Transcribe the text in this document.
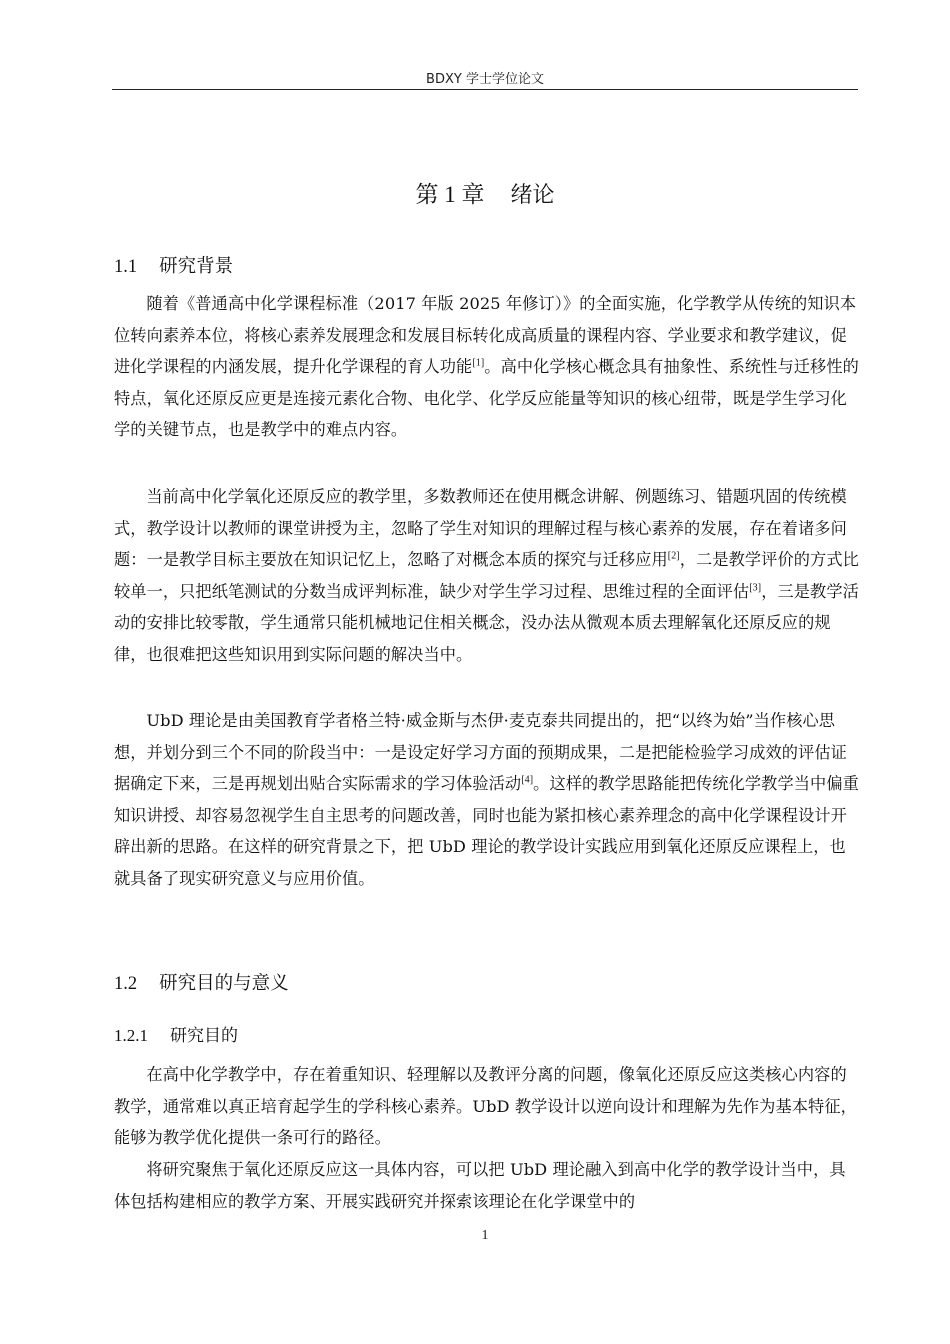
BDXY 学士学位论文
第 1 章 绪论
1.1 研究背景

随着《普通高中化学课程标准（2017 年版 2025 年修订）》的全面实施，化学教学从传统的知识本位转向素养本位，将核心素养发展理念和发展目标转化成高质量的课程内容、学业要求和教学建议，促进化学课程的内涵发展，提升化学课程的育人功能[1]。高中化学核心概念具有抽象性、系统性与迁移性的特点，氧化还原反应更是连接元素化合物、电化学、化学反应能量等知识的核心纽带，既是学生学习化学的关键节点，也是教学中的难点内容。

当前高中化学氧化还原反应的教学里，多数教师还在使用概念讲解、例题练习、错题巩固的传统模式，教学设计以教师的课堂讲授为主，忽略了学生对知识的理解过程与核心素养的发展，存在着诸多问题：一是教学目标主要放在知识记忆上，忽略了对概念本质的探究与迁移应用[2]，二是教学评价的方式比较单一，只把纸笔测试的分数当成评判标准，缺少对学生学习过程、思维过程的全面评估[3]，三是教学活动的安排比较零散，学生通常只能机械地记住相关概念，没办法从微观本质去理解氧化还原反应的规律，也很难把这些知识用到实际问题的解决当中。

UbD 理论是由美国教育学者格兰特·威金斯与杰伊·麦克泰共同提出的，把“以终为始”当作核心思想，并划分到三个不同的阶段当中：一是设定好学习方面的预期成果，二是把能检验学习成效的评估证据确定下来，三是再规划出贴合实际需求的学习体验活动[4]。这样的教学思路能把传统化学教学当中偏重知识讲授、却容易忽视学生自主思考的问题改善，同时也能为紧扣核心素养理念的高中化学课程设计开辟出新的思路。在这样的研究背景之下，把 UbD 理论的教学设计实践应用到氧化还原反应课程上，也就具备了现实研究意义与应用价值。

1.2 研究目的与意义
1.2.1 研究目的

在高中化学教学中，存在着重知识、轻理解以及教评分离的问题，像氧化还原反应这类核心内容的教学，通常难以真正培育起学生的学科核心素养。UbD 教学设计以逆向设计和理解为先作为基本特征，能够为教学优化提供一条可行的路径。

将研究聚焦于氧化还原反应这一具体内容，可以把 UbD 理论融入到高中化学的教学设计当中，具体包括构建相应的教学方案、开展实践研究并探索该理论在化学课堂中的

1
